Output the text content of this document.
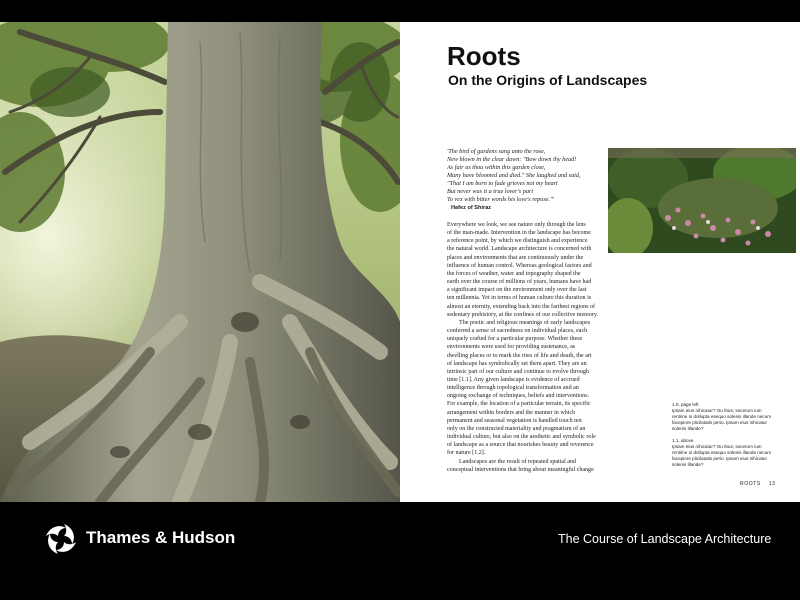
Roots
On the Origins of Landscapes
'The bird of gardens sang unto the rose,
New blown in the clear dawn: "Bow down thy head!
As fair as thou within this garden close,
Many have bloomed and died." She laughed and said,
"That I am born to fade grieves not my heart
But never was it a true lover's part
To vex with bitter words his love's repose."'
Hafez of Shiraz
Everywhere we look, we see nature only through the lens
of the man-made. Intervention in the landscape has become
a reference point, by which we distinguish and experience
the natural world. Landscape architecture is concerned with
places and environments that are continuously under the
influence of human control. Whereas geological factors and
the forces of weather, water and topography shaped the
earth over the course of millions of years, humans have had
a significant impact on the environment only over the last
ten millennia. Yet in terms of human culture this duration is
almost an eternity, extending back into the farthest regions of
sedentary prehistory, at the confines of our collective memory.
The poetic and religious meanings of early landscapes
conferred a sense of sacredness on individual places, each
uniquely crafted for a particular purpose. Whether these
environments were used for providing sustenance, as
dwelling places or to mark the rites of life and death, the art
of landscape has symbolically set them apart. They are an
intrinsic part of our culture and continue to evolve through
time [1.1]. Any given landscape is evidence of accrued
intelligence through topological transformation and an
ongoing exchange of techniques, beliefs and interventions.
For example, the location of a particular terrain, its specific
arrangement within borders and the manner in which
permanent and seasonal vegetation is handled touch not
only on the constructed materiality and pragmatism of an
individual culture, but also on the aesthetic and symbolic role
of landscape as a source that nourishes beauty and reverence
for nature [1.2].
Landscapes are the result of repeated spatial and
conceptual interventions that bring about meaningful change
1.0, page left
Ipsam eius nihicatur? Ou Ibus; socerum ium
rentime ni dollupta esequo solenis illande necum
facepiore plicilatatis perio. Ipsam eius nihicatur
solenis illande?
1.1, above
Ipsam eius nihicatur? Ou Ibus; socerum ium
rentime ni dollupta esequo solenis illande necum
facepiore plicilatatis perio. Ipsam eius nihicatur
solenis illande?
ROOTS 13
Thames & Hudson	The Course of Landscape Architecture
